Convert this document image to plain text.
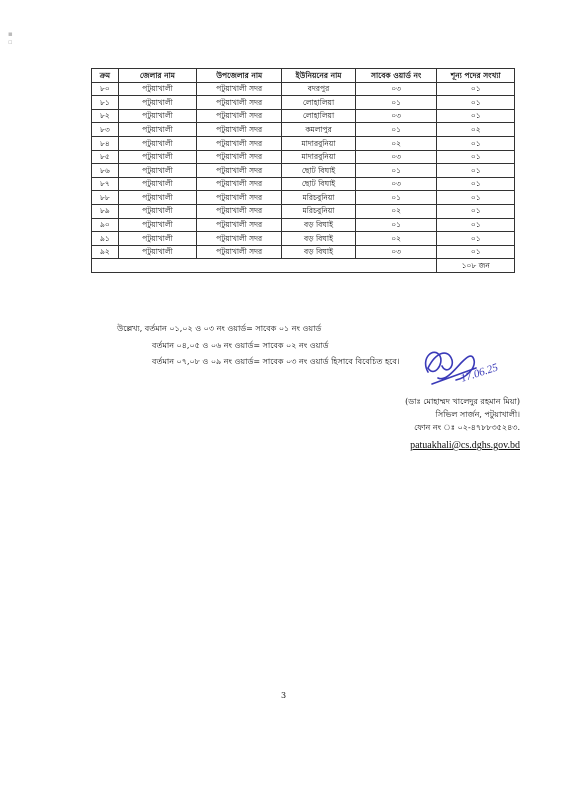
▪
▫
ক্রম	জেলার নাম	উপজেলার নাম	ইউনিয়নের নাম	সাবেক ওয়ার্ড নং	শূন্য পদের সংখ্যা
৮০	পটুয়াখালী	পটুয়াখালী সদর	বদরপুর	০৩	০১
৮১	পটুয়াখালী	পটুয়াখালী সদর	লোহালিয়া	০১	০১
৮২	পটুয়াখালী	পটুয়াখালী সদর	লোহালিয়া	০৩	০১
৮৩	পটুয়াখালী	পটুয়াখালী সদর	কমলাপুর	০১	০২
৮৪	পটুয়াখালী	পটুয়াখালী সদর	মাদারবুনিয়া	০২	০১
৮৫	পটুয়াখালী	পটুয়াখালী সদর	মাদারবুনিয়া	০৩	০১
৮৬	পটুয়াখালী	পটুয়াখালী সদর	ছোট বিঘাই	০১	০১
৮৭	পটুয়াখালী	পটুয়াখালী সদর	ছোট বিঘাই	০৩	০১
৮৮	পটুয়াখালী	পটুয়াখালী সদর	মরিচবুনিয়া	০১	০১
৮৯	পটুয়াখালী	পটুয়াখালী সদর	মরিচবুনিয়া	০২	০১
৯০	পটুয়াখালী	পটুয়াখালী সদর	বড় বিঘাই	০১	০১
৯১	পটুয়াখালী	পটুয়াখালী সদর	বড় বিঘাই	০২	০১
৯২	পটুয়াখালী	পটুয়াখালী সদর	বড় বিঘাই	০৩	০১
					১০৮ জন
উল্লেখ্য, বর্তমান ০১,০২ ও ০৩ নং ওয়ার্ড= সাবেক ০১ নং ওয়ার্ড
বর্তমান ০৪,০৫ ও ০৬ নং ওয়ার্ড= সাবেক ০২ নং ওয়ার্ড
বর্তমান ০৭,০৮ ও ০৯ নং ওয়ার্ড= সাবেক ০৩ নং ওয়ার্ড হিসাবে বিবেচিত হবে।
17.06.25
(ডাঃ মোহাম্মদ খালেদুর রহমান মিয়া)
সিভিল সার্জন, পটুয়াখালী।
ফোন নং ঃ ০২-৪৭৮৮৩৫২৪৩.
patuakhali@cs.dghs.gov.bd
3
